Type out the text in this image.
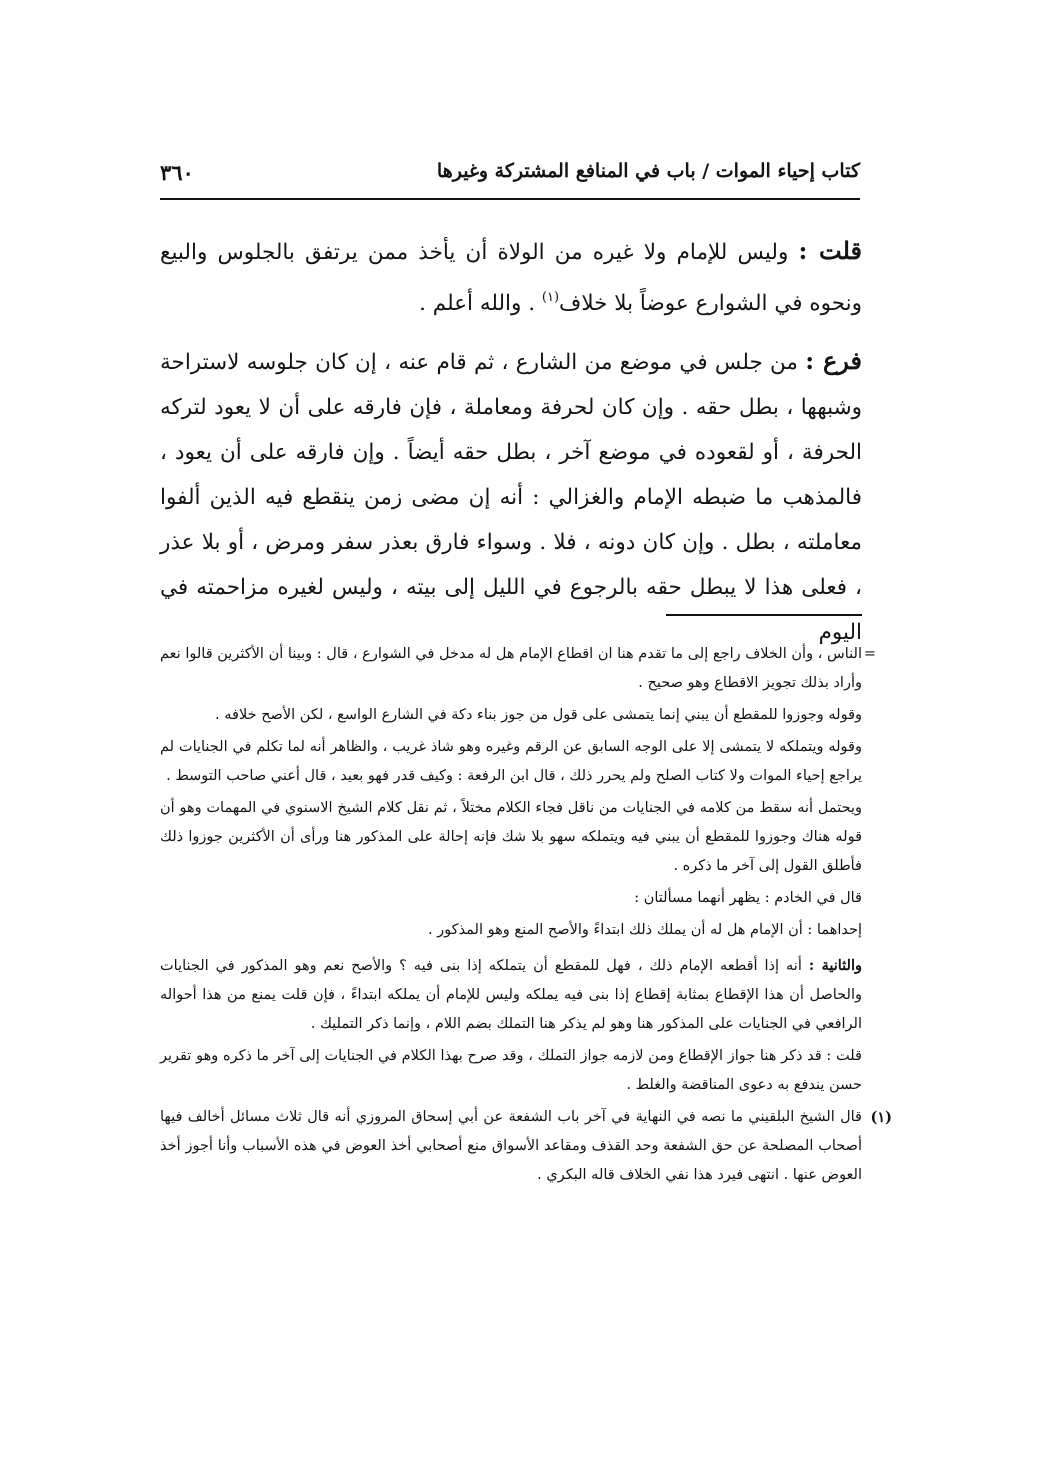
كتاب إحياء الموات / باب في المنافع المشتركة وغيرها
٣٦٠

قلت : وليس للإمام ولا غيره من الولاة أن يأخذ ممن يرتفق بالجلوس والبيع ونحوه في الشوارع عوضاً بلا خلاف$^{(١)}$ . والله أعلم .

فرع : من جلس في موضع من الشارع ، ثم قام عنه ، إن كان جلوسه لاستراحة وشبهها ، بطل حقه . وإن كان لحرفة ومعاملة ، فإن فارقه على أن لا يعود لتركه الحرفة ، أو لقعوده في موضع آخر ، بطل حقه أيضاً . وإن فارقه على أن يعود ، فالمذهب ما ضبطه الإمام والغزالي : أنه إن مضى زمن ينقطع فيه الذين ألفوا معاملته ، بطل . وإن كان دونه ، فلا . وسواء فارق بعذر سفر ومرض ، أو بلا عذر ، فعلى هذا لا يبطل حقه بالرجوع في الليل إلى بيته ، وليس لغيره مزاحمته في اليوم

=
الناس ، وأن الخلاف راجع إلى ما تقدم هنا ان اقطاع الإمام هل له مدخل في الشوارع ، قال : وبينا أن الأكثرين قالوا نعم وأراد بذلك تجويز الاقطاع وهو صحيح .

وقوله وجوزوا للمقطع أن يبني إنما يتمشى على قول من جوز بناء دكة في الشارع الواسع ، لكن الأصح خلافه .

وقوله ويتملكه لا يتمشى إلا على الوجه السابق عن الرقم وغيره وهو شاذ غريب ، والظاهر أنه لما تكلم في الجنايات لم يراجع إحياء الموات ولا كتاب الصلح ولم يحرر ذلك ، قال ابن الرفعة : وكيف قدر فهو بعيد ، قال أعني صاحب التوسط .

ويحتمل أنه سقط من كلامه في الجنايات من ناقل فجاء الكلام مختلاً ، ثم نقل كلام الشيخ الاسنوي في المهمات وهو أن قوله هناك وجوزوا للمقطع أن يبني فيه ويتملكه سهو بلا شك فإنه إحالة على المذكور هنا ورأى أن الأكثرين جوزوا ذلك فأطلق القول إلى آخر ما ذكره .

قال في الخادم : يظهر أنهما مسألتان :

إحداهما : أن الإمام هل له أن يملك ذلك ابتداءً والأصح المنع وهو المذكور .

والثانية : أنه إذا أقطعه الإمام ذلك ، فهل للمقطع أن يتملكه إذا بنى فيه ؟ والأصح نعم وهو المذكور في الجنايات والحاصل أن هذا الإقطاع بمثابة إقطاع إذا بنى فيه يملكه وليس للإمام أن يملكه ابتداءً ، فإن قلت يمنع من هذا أحواله الرافعي في الجنايات على المذكور هنا وهو لم يذكر هنا التملك بضم اللام ، وإنما ذكر التمليك .

قلت : قد ذكر هنا جواز الإقطاع ومن لازمه جواز التملك ، وقد صرح بهذا الكلام في الجنايات إلى آخر ما ذكره وهو تقرير حسن يندفع به دعوى المناقضة والغلط .

(١)
قال الشيخ البلقيني ما نصه في النهاية في آخر باب الشفعة عن أبي إسحاق المروزي أنه قال ثلاث مسائل أخالف فيها أصحاب المصلحة عن حق الشفعة وحد القذف ومقاعد الأسواق منع أصحابي أخذ العوض في هذه الأسباب وأنا أجوز أخذ العوض عنها . انتهى فيرد هذا نفي الخلاف قاله البكري .
